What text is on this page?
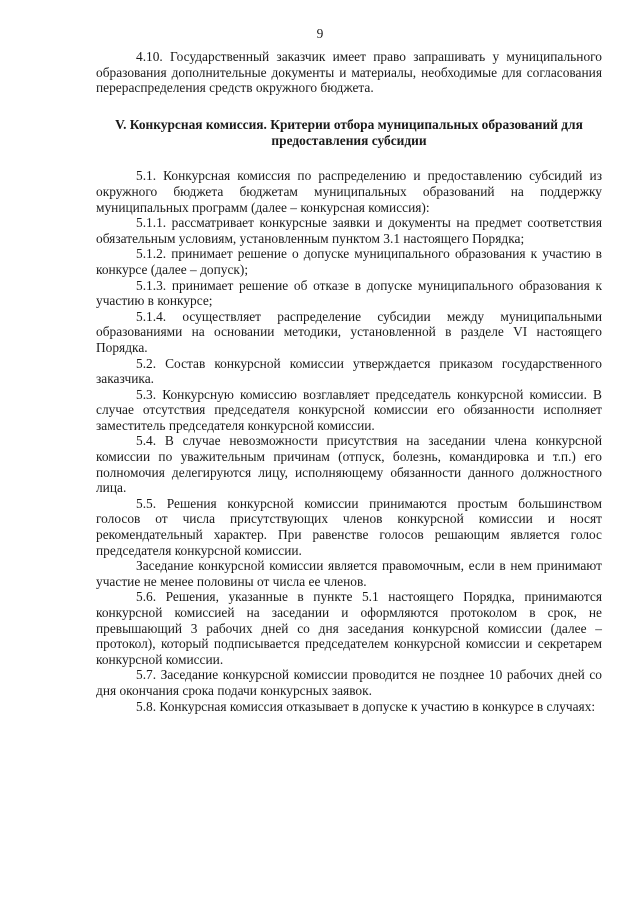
9

4.10. Государственный заказчик имеет право запрашивать у муниципального образования дополнительные документы и материалы, необходимые для согласования перераспределения средств окружного бюджета.

V. Конкурсная комиссия. Критерии отбора муниципальных образований для предоставления субсидии

5.1. Конкурсная комиссия по распределению и предоставлению субсидий из окружного бюджета бюджетам муниципальных образований на поддержку муниципальных программ (далее – конкурсная комиссия):

5.1.1. рассматривает конкурсные заявки и документы на предмет соответствия обязательным условиям, установленным пунктом 3.1 настоящего Порядка;

5.1.2. принимает решение о допуске муниципального образования к участию в конкурсе (далее – допуск);

5.1.3. принимает решение об отказе в допуске муниципального образования к участию в конкурсе;

5.1.4. осуществляет распределение субсидии между муниципальными образованиями на основании методики, установленной в разделе VI настоящего Порядка.

5.2. Состав конкурсной комиссии утверждается приказом государственного заказчика.

5.3. Конкурсную комиссию возглавляет председатель конкурсной комиссии. В случае отсутствия председателя конкурсной комиссии его обязанности исполняет заместитель председателя конкурсной комиссии.

5.4. В случае невозможности присутствия на заседании члена конкурсной комиссии по уважительным причинам (отпуск, болезнь, командировка и т.п.) его полномочия делегируются лицу, исполняющему обязанности данного должностного лица.

5.5. Решения конкурсной комиссии принимаются простым большинством голосов от числа присутствующих членов конкурсной комиссии и носят рекомендательный характер. При равенстве голосов решающим является голос председателя конкурсной комиссии.

Заседание конкурсной комиссии является правомочным, если в нем принимают участие не менее половины от числа ее членов.

5.6. Решения, указанные в пункте 5.1 настоящего Порядка, принимаются конкурсной комиссией на заседании и оформляются протоколом в срок, не превышающий 3 рабочих дней со дня заседания конкурсной комиссии (далее – протокол), который подписывается председателем конкурсной комиссии и секретарем конкурсной комиссии.

5.7. Заседание конкурсной комиссии проводится не позднее 10 рабочих дней со дня окончания срока подачи конкурсных заявок.

5.8. Конкурсная комиссия отказывает в допуске к участию в конкурсе в случаях:
